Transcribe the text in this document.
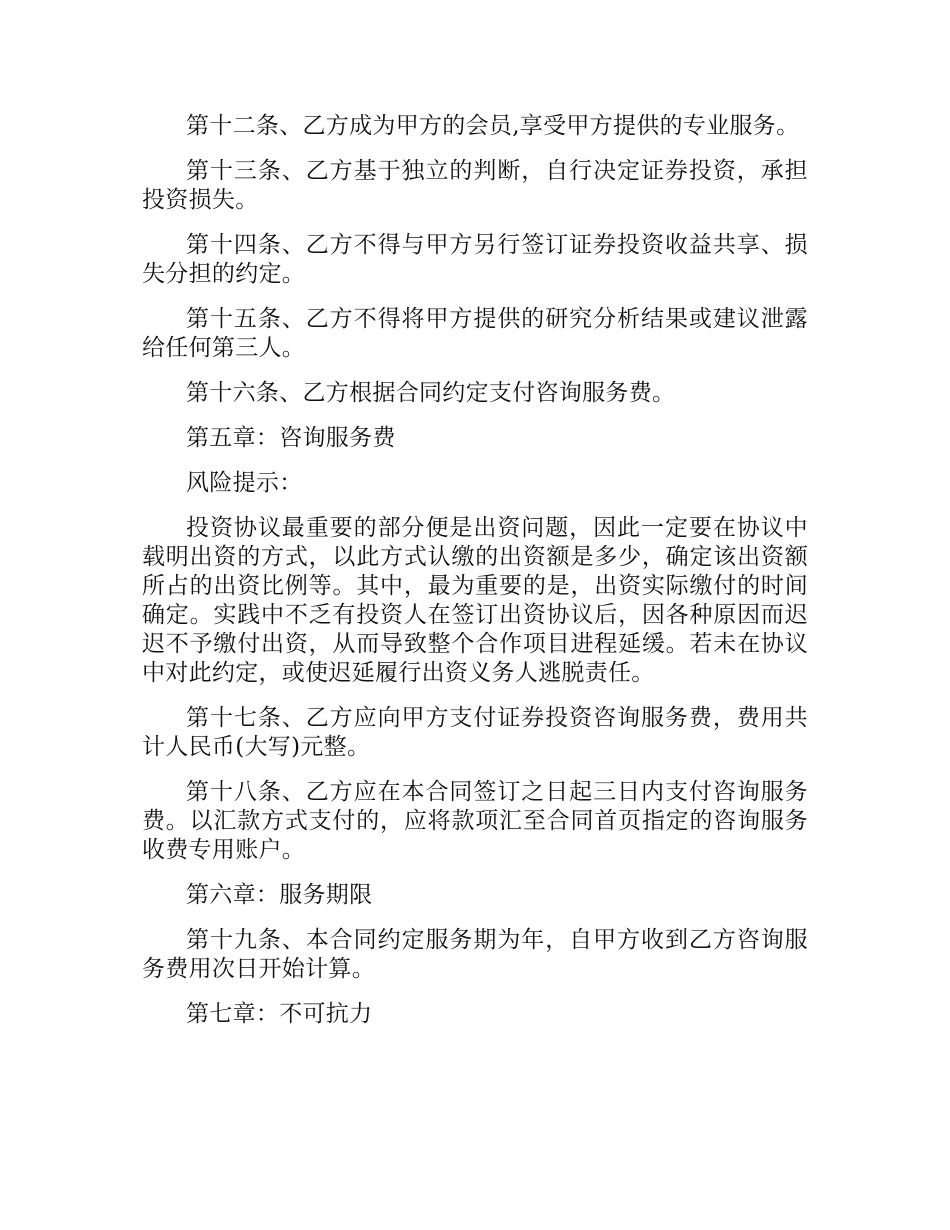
第十二条、乙方成为甲方的会员,享受甲方提供的专业服务。

第十三条、乙方基于独立的判断，自行决定证券投资，承担投资损失。

第十四条、乙方不得与甲方另行签订证券投资收益共享、损失分担的约定。

第十五条、乙方不得将甲方提供的研究分析结果或建议泄露给任何第三人。

第十六条、乙方根据合同约定支付咨询服务费。

第五章：咨询服务费

风险提示：

投资协议最重要的部分便是出资问题，因此一定要在协议中载明出资的方式，以此方式认缴的出资额是多少，确定该出资额所占的出资比例等。其中，最为重要的是，出资实际缴付的时间确定。实践中不乏有投资人在签订出资协议后，因各种原因而迟迟不予缴付出资，从而导致整个合作项目进程延缓。若未在协议中对此约定，或使迟延履行出资义务人逃脱责任。

第十七条、乙方应向甲方支付证券投资咨询服务费，费用共计人民币(大写)元整。

第十八条、乙方应在本合同签订之日起三日内支付咨询服务费。以汇款方式支付的，应将款项汇至合同首页指定的咨询服务收费专用账户。

第六章：服务期限

第十九条、本合同约定服务期为年，自甲方收到乙方咨询服务费用次日开始计算。

第七章：不可抗力
